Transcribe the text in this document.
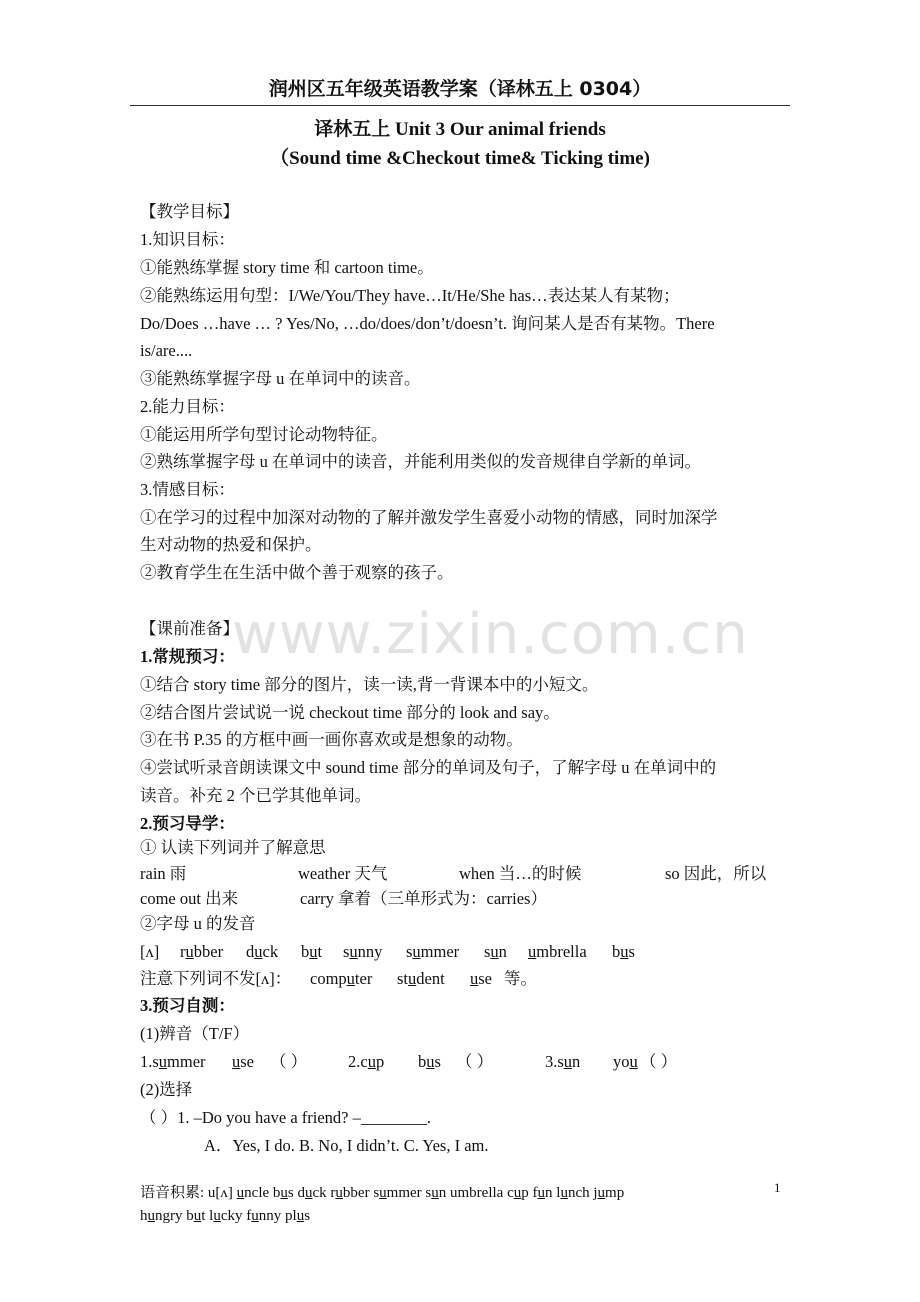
www.zixin.com.cn
润州区五年级英语教学案（译林五上 0304）
译林五上 Unit 3 Our animal friends
（Sound time &Checkout time& Ticking time)
【教学目标】
1.知识目标：
①能熟练掌握 story time 和 cartoon time。
②能熟练运用句型：I/We/You/They have…It/He/She has…表达某人有某物；
Do/Does …have … ? Yes/No, …do/does/don’t/doesn’t. 询问某人是否有某物。There
is/are....
③能熟练掌握字母 u 在单词中的读音。
2.能力目标：
①能运用所学句型讨论动物特征。
②熟练掌握字母 u 在单词中的读音，并能利用类似的发音规律自学新的单词。
3.情感目标：
①在学习的过程中加深对动物的了解并激发学生喜爱小动物的情感，同时加深学
生对动物的热爱和保护。
②教育学生在生活中做个善于观察的孩子。
【课前准备】
1.常规预习：
①结合 story time 部分的图片，读一读,背一背课本中的小短文。
②结合图片尝试说一说 checkout time 部分的 look and say。
③在书 P.35 的方框中画一画你喜欢或是想象的动物。
④尝试听录音朗读课文中 sound time 部分的单词及句子，了解字母 u 在单词中的
读音。补充 2 个已学其他单词。
2.预习导学：
① 认读下列词并了解意思
rain 雨	weather 天气	when 当…的时候	so 因此，所以
come out 出来	carry 拿着（三单形式为：carries）
②字母 u 的发音
[ʌ] rubber duck but sunny summer sun umbrella bus
注意下列词不发[ʌ]： computer student use 等。
3.预习自测：
(1)辨音（T/F）
1.summer use （ ） 2.cup bus （ ）	3.sun you （ ）
(2)选择
（ ）1. –Do you have a friend? –________.
A．Yes, I do. B. No, I didn’t. C. Yes, I am.
语音积累: u[ʌ] uncle bus duck rubber summer sun umbrella cup fun lunch jump
hungry but lucky funny plus
1
